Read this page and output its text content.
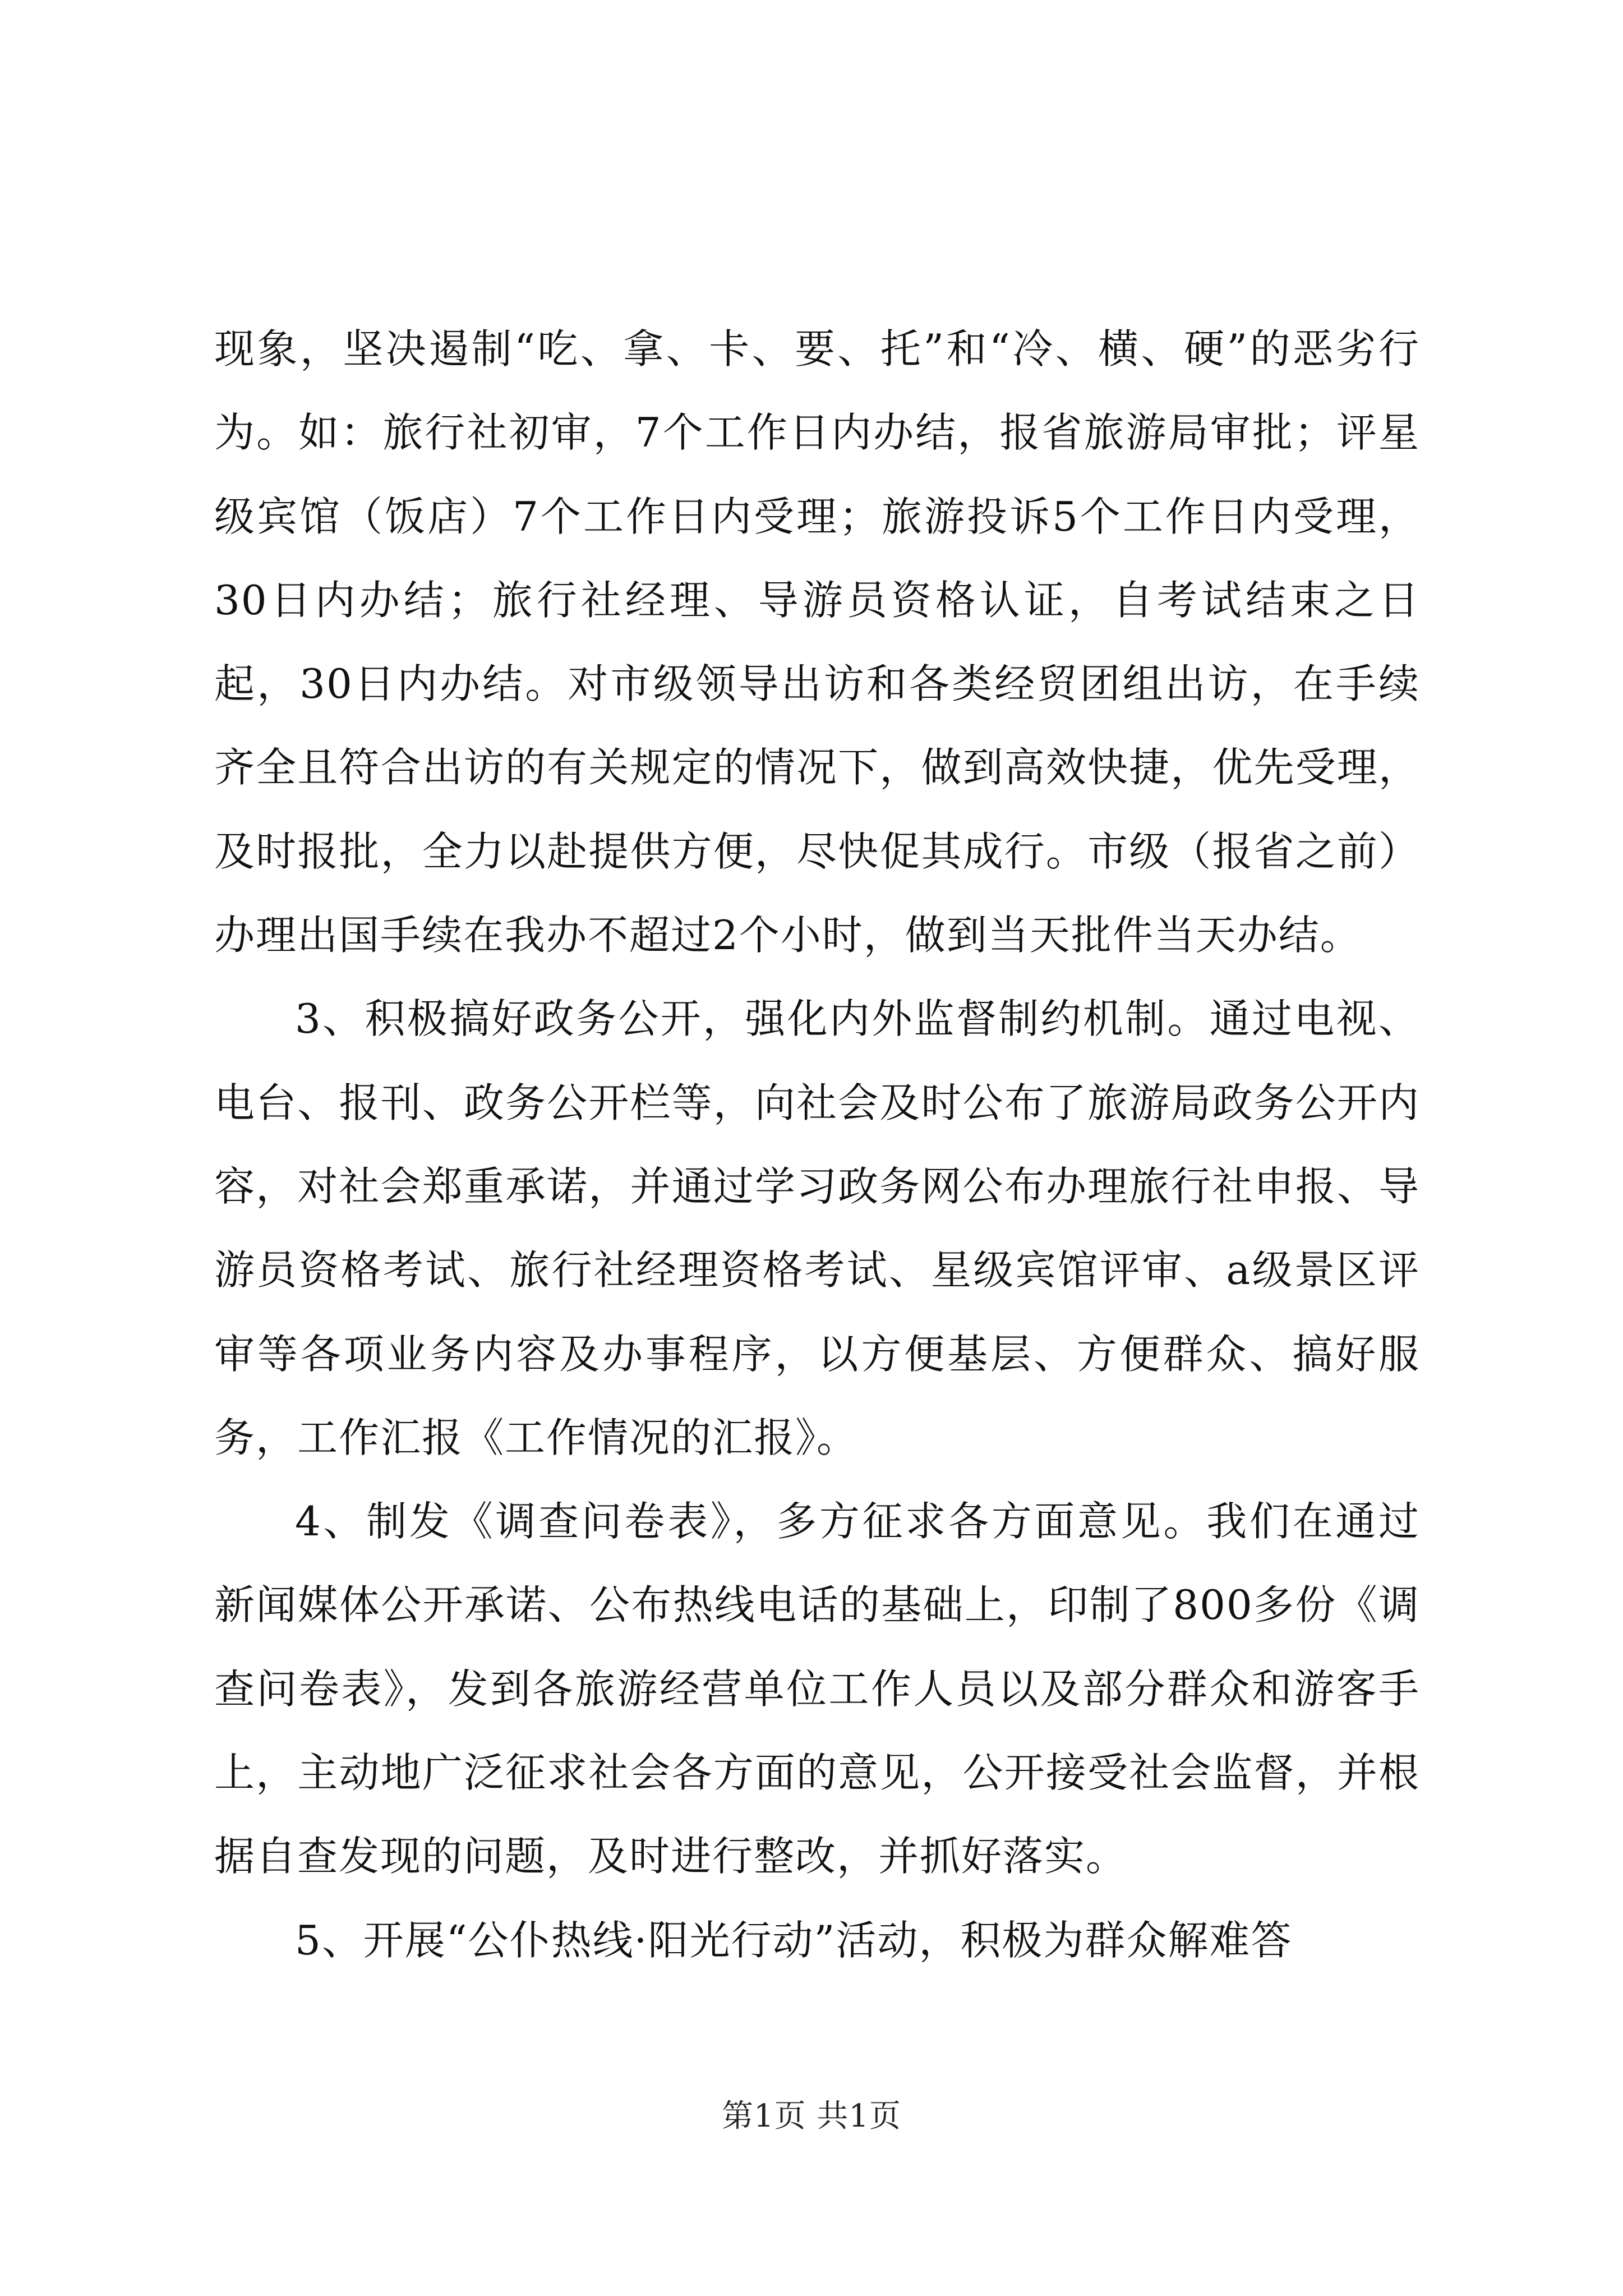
现象，坚决遏制“吃、拿、卡、要、托”和“冷、横、硬”的恶劣行为。如：旅行社初审，7个工作日内办结，报省旅游局审批；评星级宾馆（饭店）7个工作日内受理；旅游投诉5个工作日内受理，30日内办结；旅行社经理、导游员资格认证，自考试结束之日起，30日内办结。对市级领导出访和各类经贸团组出访，在手续齐全且符合出访的有关规定的情况下，做到高效快捷，优先受理，及时报批，全力以赴提供方便，尽快促其成行。市级（报省之前）办理出国手续在我办不超过2个小时，做到当天批件当天办结。

3、积极搞好政务公开，强化内外监督制约机制。通过电视、电台、报刊、政务公开栏等，向社会及时公布了旅游局政务公开内容，对社会郑重承诺，并通过学习政务网公布办理旅行社申报、导游员资格考试、旅行社经理资格考试、星级宾馆评审、a级景区评审等各项业务内容及办事程序，以方便基层、方便群众、搞好服务，工作汇报《工作情况的汇报》。

4、制发《调查问卷表》，多方征求各方面意见。我们在通过新闻媒体公开承诺、公布热线电话的基础上，印制了800多份《调查问卷表》，发到各旅游经营单位工作人员以及部分群众和游客手上，主动地广泛征求社会各方面的意见，公开接受社会监督，并根据自查发现的问题，及时进行整改，并抓好落实。

5、开展“公仆热线·阳光行动”活动，积极为群众解难答

第1页 共1页
